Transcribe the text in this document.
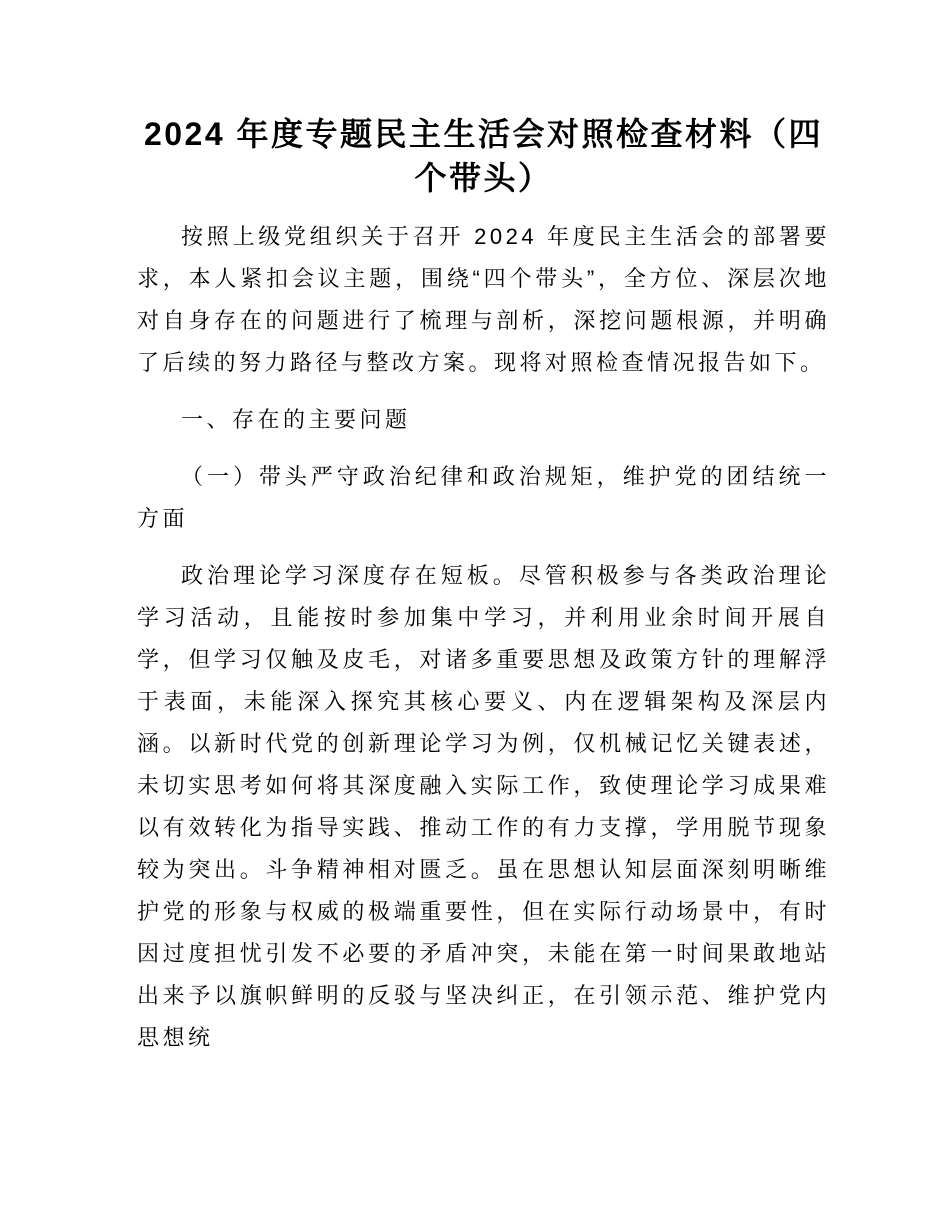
2024 年度专题民主生活会对照检查材料（四个带头）

按照上级党组织关于召开 2024 年度民主生活会的部署要求，本人紧扣会议主题，围绕“四个带头”，全方位、深层次地对自身存在的问题进行了梳理与剖析，深挖问题根源，并明确了后续的努力路径与整改方案。现将对照检查情况报告如下。

一、存在的主要问题

（一）带头严守政治纪律和政治规矩，维护党的团结统一方面

政治理论学习深度存在短板。尽管积极参与各类政治理论学习活动，且能按时参加集中学习，并利用业余时间开展自学，但学习仅触及皮毛，对诸多重要思想及政策方针的理解浮于表面，未能深入探究其核心要义、内在逻辑架构及深层内涵。以新时代党的创新理论学习为例，仅机械记忆关键表述，未切实思考如何将其深度融入实际工作，致使理论学习成果难以有效转化为指导实践、推动工作的有力支撑，学用脱节现象较为突出。斗争精神相对匮乏。虽在思想认知层面深刻明晰维护党的形象与权威的极端重要性，但在实际行动场景中，有时因过度担忧引发不必要的矛盾冲突，未能在第一时间果敢地站出来予以旗帜鲜明的反驳与坚决纠正，在引领示范、维护党内思想统
